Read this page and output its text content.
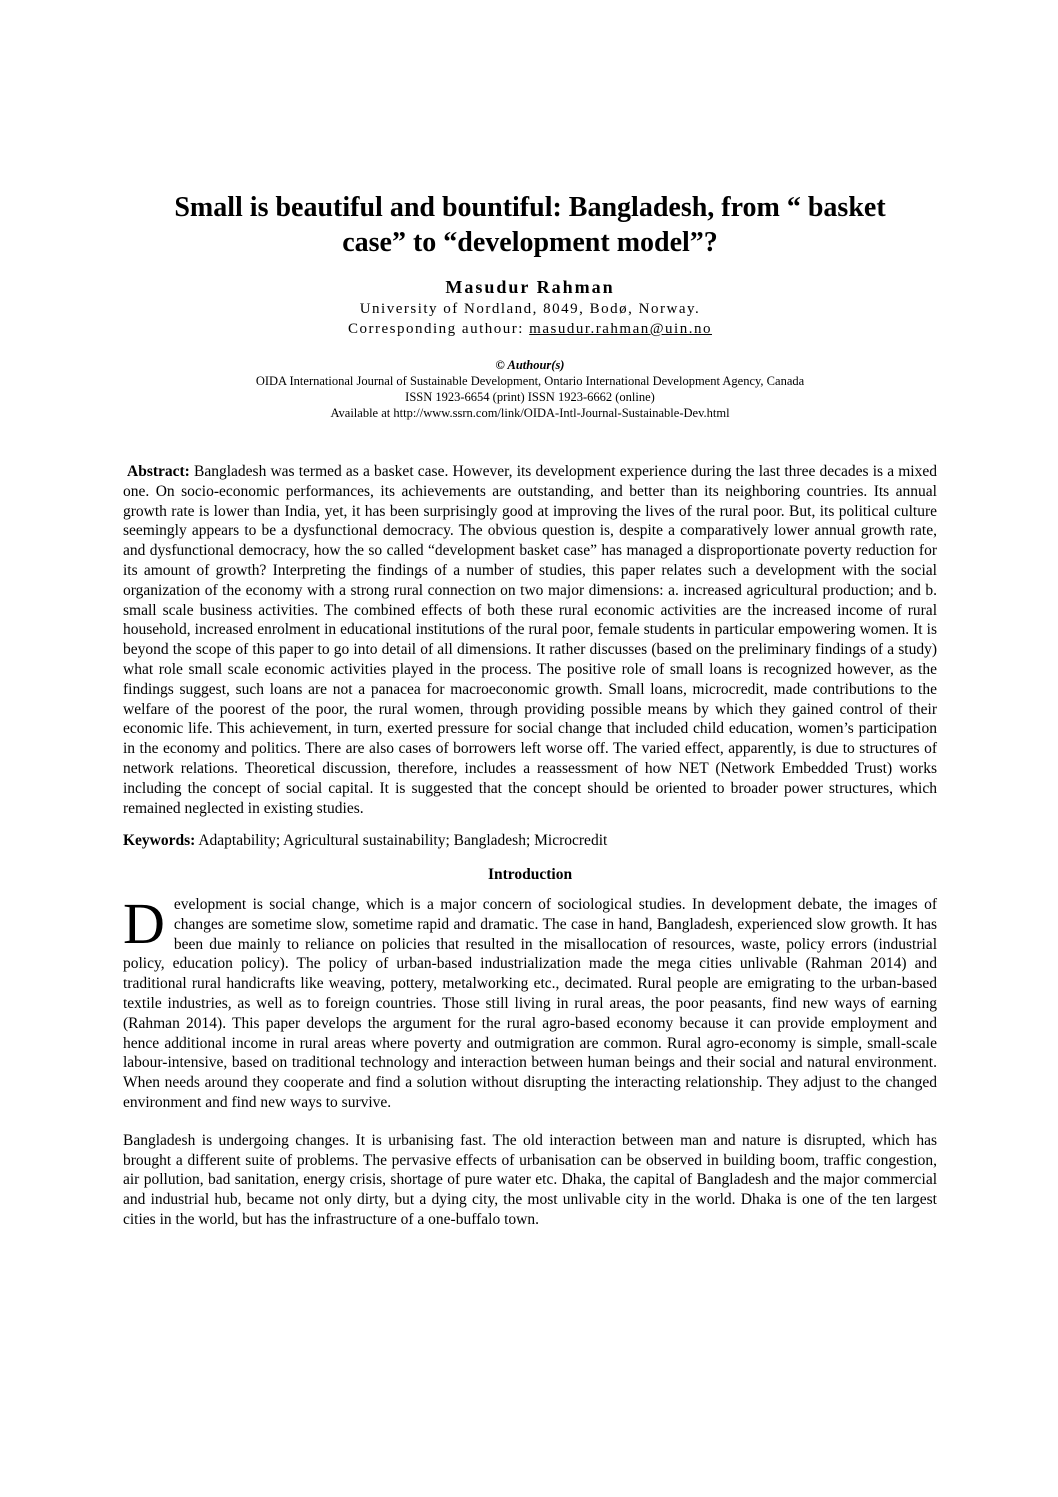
Small is beautiful and bountiful: Bangladesh, from “ basket
case” to “development model”?
Masudur Rahman
University of Nordland, 8049, Bodø, Norway.
Corresponding authour: masudur.rahman@uin.no
© Authour(s)
OIDA International Journal of Sustainable Development, Ontario International Development Agency, Canada
ISSN 1923-6654 (print) ISSN 1923-6662 (online)
Available at http://www.ssrn.com/link/OIDA-Intl-Journal-Sustainable-Dev.html

Abstract: Bangladesh was termed as a basket case. However, its development experience during the last three decades is a mixed one. On socio-economic performances, its achievements are outstanding, and better than its neighboring countries. Its annual growth rate is lower than India, yet, it has been surprisingly good at improving the lives of the rural poor. But, its political culture seemingly appears to be a dysfunctional democracy. The obvious question is, despite a comparatively lower annual growth rate, and dysfunctional democracy, how the so called “development basket case” has managed a disproportionate poverty reduction for its amount of growth? Interpreting the findings of a number of studies, this paper relates such a development with the social organization of the economy with a strong rural connection on two major dimensions: a. increased agricultural production; and b. small scale business activities. The combined effects of both these rural economic activities are the increased income of rural household, increased enrolment in educational institutions of the rural poor, female students in particular empowering women. It is beyond the scope of this paper to go into detail of all dimensions. It rather discusses (based on the preliminary findings of a study) what role small scale economic activities played in the process. The positive role of small loans is recognized however, as the findings suggest, such loans are not a panacea for macroeconomic growth. Small loans, microcredit, made contributions to the welfare of the poorest of the poor, the rural women, through providing possible means by which they gained control of their economic life. This achievement, in turn, exerted pressure for social change that included child education, women’s participation in the economy and politics. There are also cases of borrowers left worse off. The varied effect, apparently, is due to structures of network relations. Theoretical discussion, therefore, includes a reassessment of how NET (Network Embedded Trust) works including the concept of social capital. It is suggested that the concept should be oriented to broader power structures, which remained neglected in existing studies.

Keywords: Adaptability; Agricultural sustainability; Bangladesh; Microcredit

Introduction

D evelopment is social change, which is a major concern of sociological studies. In development debate, the images of changes are sometime slow, sometime rapid and dramatic. The case in hand, Bangladesh, experienced slow growth. It has been due mainly to reliance on policies that resulted in the misallocation of resources, waste, policy errors (industrial policy, education policy). The policy of urban-based industrialization made the mega cities unlivable (Rahman 2014) and traditional rural handicrafts like weaving, pottery, metalworking etc., decimated. Rural people are emigrating to the urban-based textile industries, as well as to foreign countries. Those still living in rural areas, the poor peasants, find new ways of earning (Rahman 2014). This paper develops the argument for the rural agro-based economy because it can provide employment and hence additional income in rural areas where poverty and outmigration are common. Rural agro-economy is simple, small-scale labour-intensive, based on traditional technology and interaction between human beings and their social and natural environment. When needs around they cooperate and find a solution without disrupting the interacting relationship. They adjust to the changed environment and find new ways to survive.

Bangladesh is undergoing changes. It is urbanising fast. The old interaction between man and nature is disrupted, which has brought a different suite of problems. The pervasive effects of urbanisation can be observed in building boom, traffic congestion, air pollution, bad sanitation, energy crisis, shortage of pure water etc. Dhaka, the capital of Bangladesh and the major commercial and industrial hub, became not only dirty, but a dying city, the most unlivable city in the world. Dhaka is one of the ten largest cities in the world, but has the infrastructure of a one-buffalo town.
